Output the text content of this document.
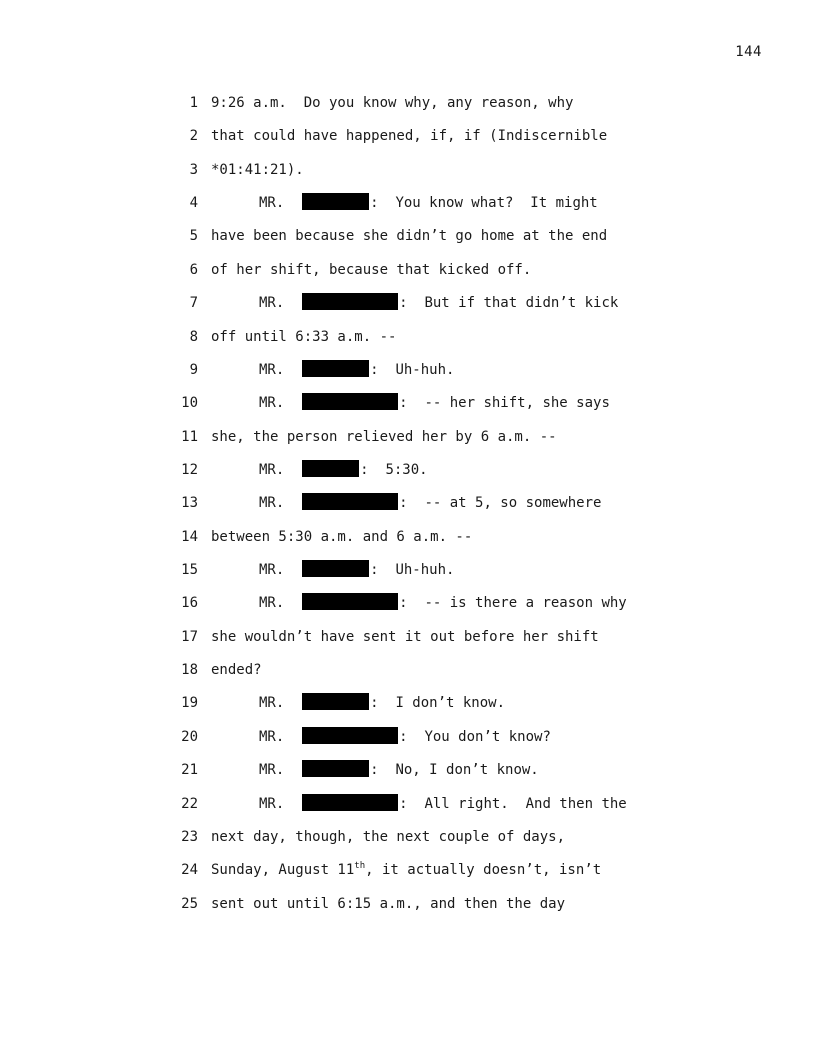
144
1 9:26 a.m.  Do you know why, any reason, why
2 that could have happened, if, if (Indiscernible
3 *01:41:21).
4	MR.	:  You know what?  It might
5 have been because she didn’t go home at the end
6 of her shift, because that kicked off.
7	MR.	:  But if that didn’t kick
8 off until 6:33 a.m. --
9	MR.	:  Uh-huh.
10	MR.	:  -- her shift, she says
11 she, the person relieved her by 6 a.m. --
12	MR.	:  5:30.
13	MR.	:  -- at 5, so somewhere
14 between 5:30 a.m. and 6 a.m. --
15	MR.	:  Uh-huh.
16	MR.	:  -- is there a reason why
17 she wouldn’t have sent it out before her shift
18 ended?
19	MR.	:  I don’t know.
20	MR.	:  You don’t know?
21	MR.	:  No, I don’t know.
22	MR.	:  All right.  And then the
23 next day, though, the next couple of days,
24 Sunday, August 11th, it actually doesn’t, isn’t
25 sent out until 6:15 a.m., and then the day
